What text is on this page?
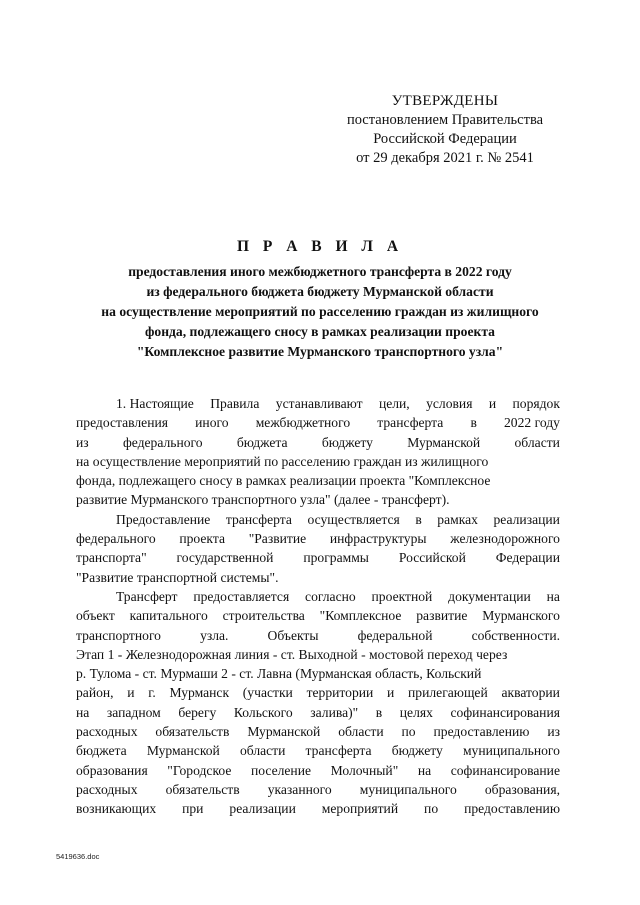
УТВЕРЖДЕНЫ
постановлением Правительства
Российской Федерации
от 29 декабря 2021 г. № 2541
П Р А В И Л А
предоставления иного межбюджетного трансферта в 2022 году
из федерального бюджета бюджету Мурманской области
на осуществление мероприятий по расселению граждан из жилищного
фонда, подлежащего сносу в рамках реализации проекта
"Комплексное развитие Мурманского транспортного узла"
1. Настоящие Правила устанавливают цели, условия и порядок
предоставления иного межбюджетного трансферта в 2022 году
из	федерального	бюджета	бюджету	Мурманской	области
на осуществление мероприятий по расселению граждан из жилищного
фонда, подлежащего сносу в рамках реализации проекта "Комплексное
развитие Мурманского транспортного узла" (далее - трансферт).
Предоставление трансферта осуществляется в рамках реализации
федерального проекта "Развитие инфраструктуры железнодорожного
транспорта" государственной программы Российской Федерации
"Развитие транспортной системы".
Трансферт предоставляется согласно проектной документации на
объект капитального строительства "Комплексное развитие Мурманского
транспортного	узла.	Объекты	федеральной	собственности.
Этап 1 - Железнодорожная линия - ст. Выходной - мостовой переход через
р. Тулома - ст. Мурмаши 2 - ст. Лавна (Мурманская область, Кольский
район, и г. Мурманск (участки территории и прилегающей акватории
на западном берегу Кольского залива)" в целях софинансирования
расходных обязательств Мурманской области по предоставлению из
бюджета Мурманской области трансферта бюджету муниципального
образования "Городское поселение Молочный" на софинансирование
расходных обязательств указанного муниципального образования,
возникающих при реализации мероприятий по предоставлению
5419636.doc
